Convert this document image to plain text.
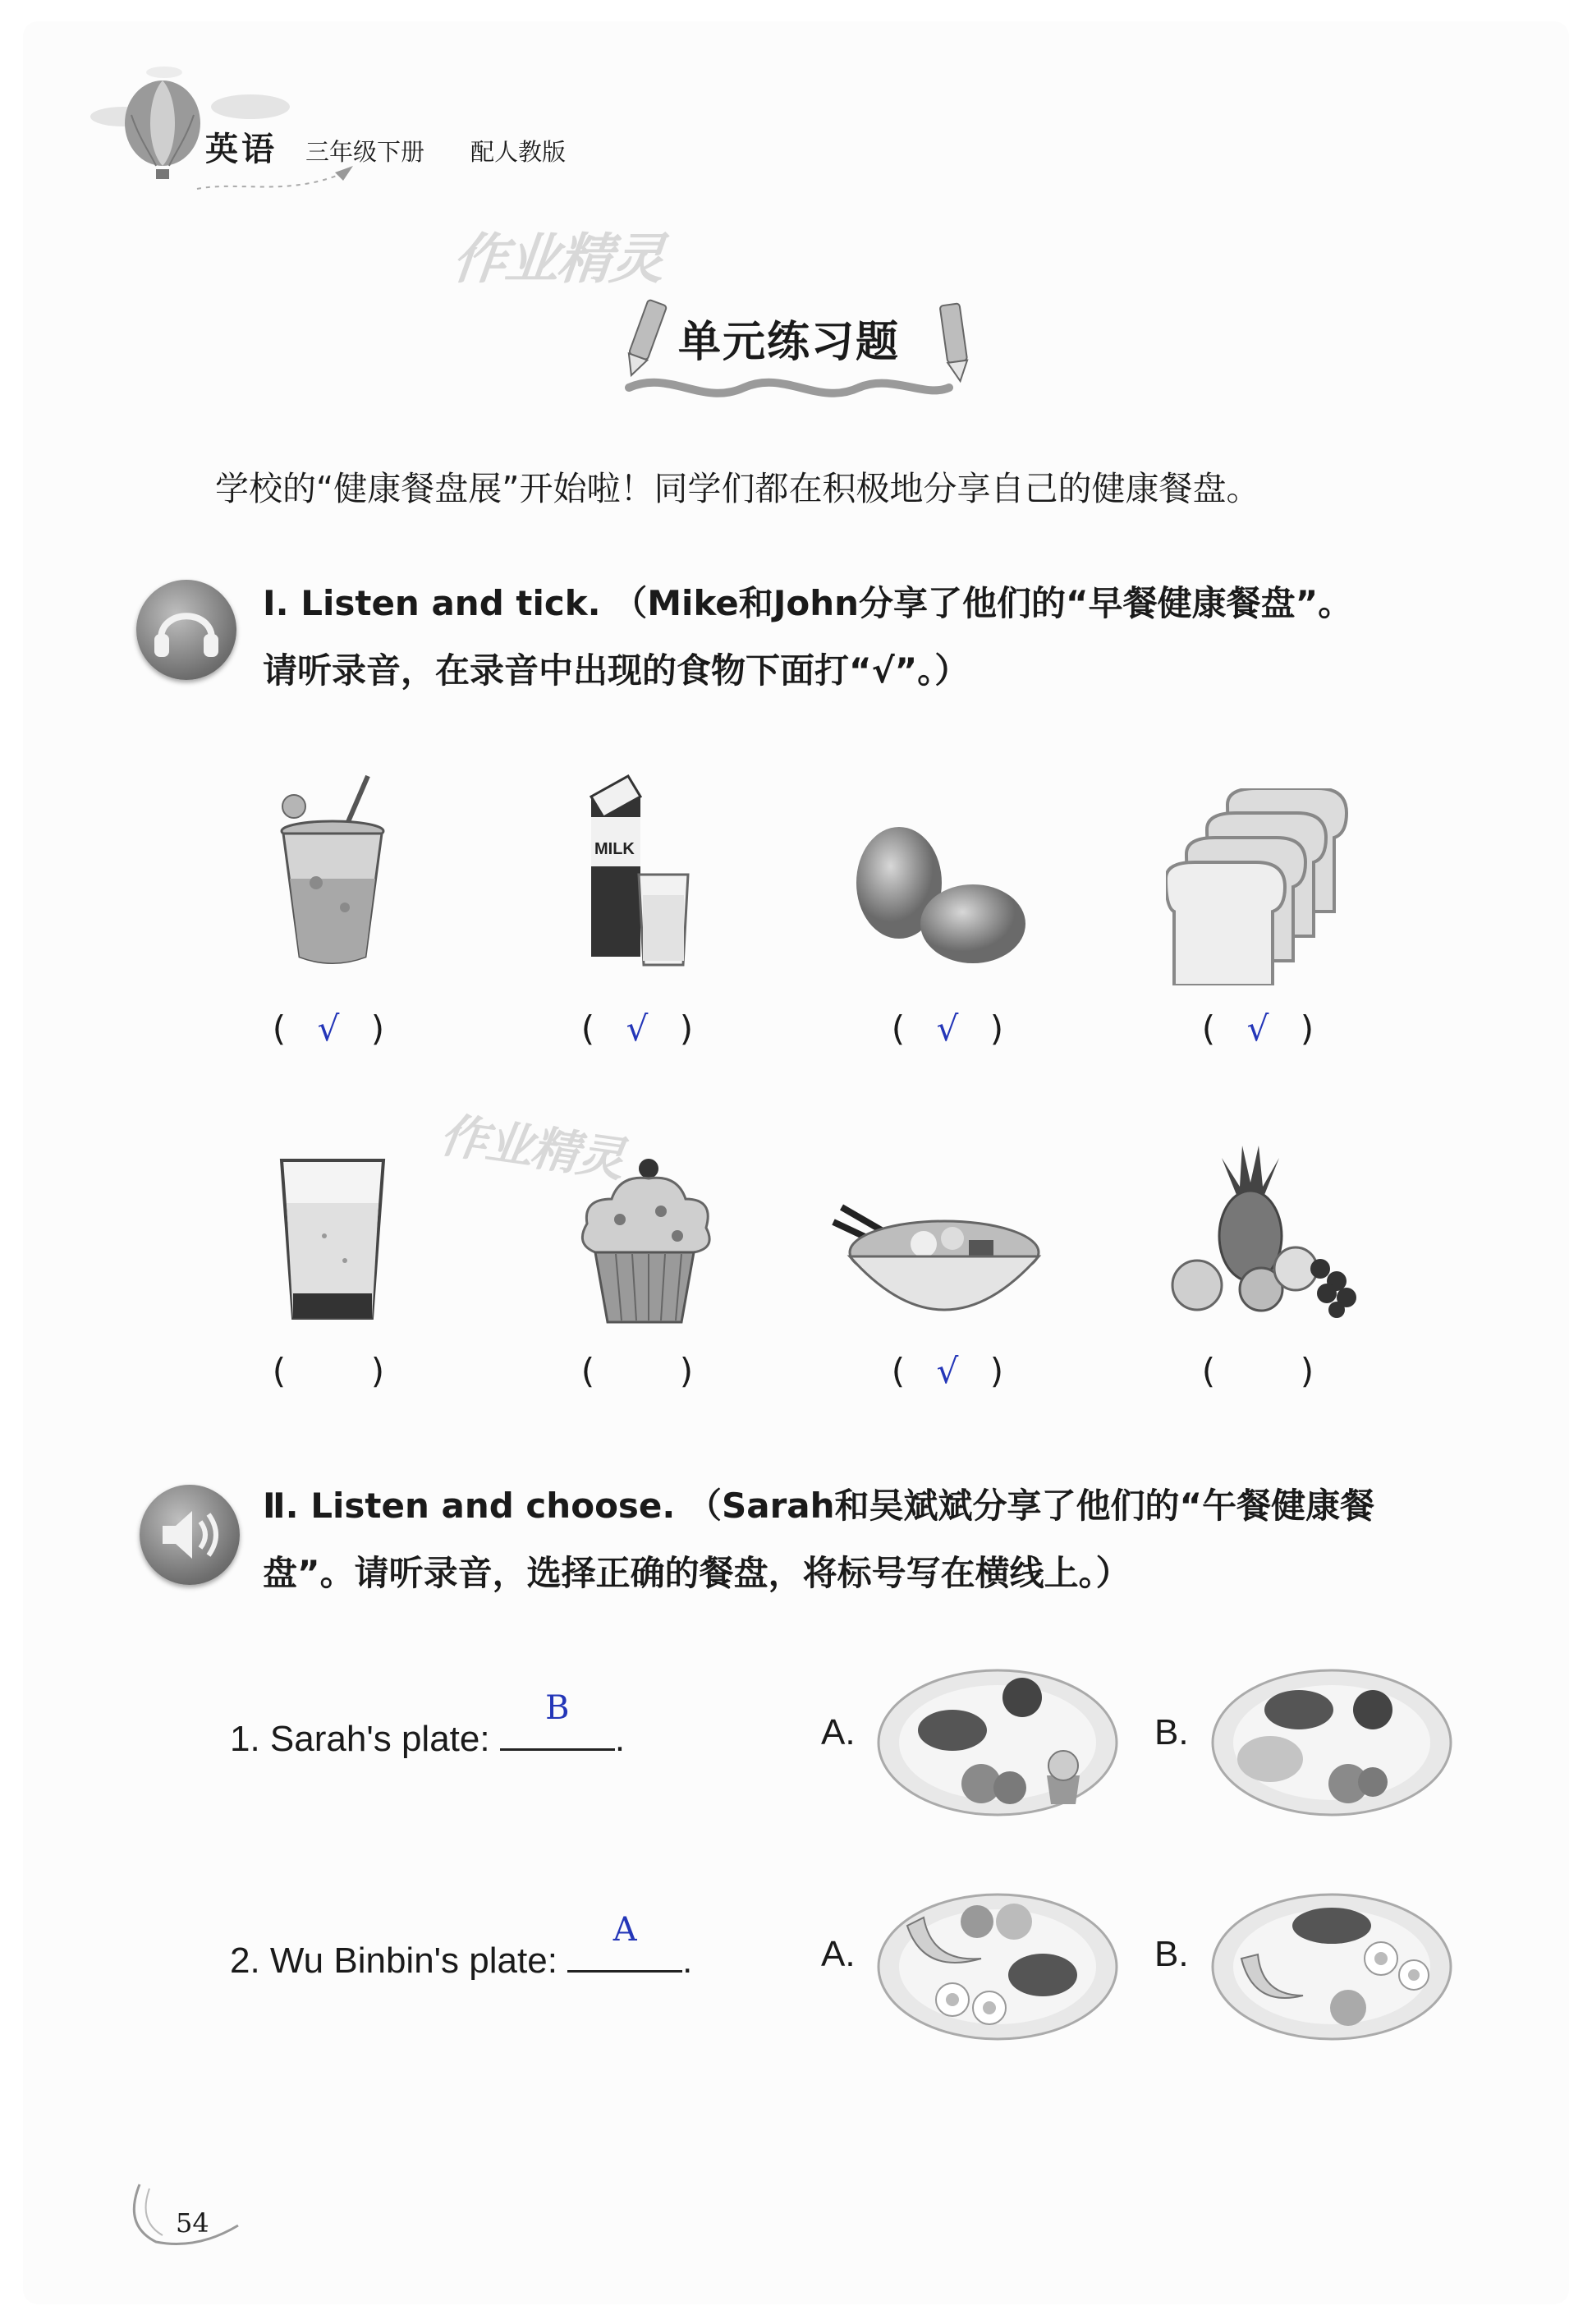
英语 三年级下册 配人教版
作业精灵
单元练习题
学校的“健康餐盘展”开始啦！同学们都在积极地分享自己的健康餐盘。
Ⅰ. Listen and tick. （Mike和John分享了他们的“早餐健康餐盘”。
请听录音，在录音中出现的食物下面打“√”。）
MILK
( √ )	( √ )	( √ )	( √ )
作业精灵
( )	( )	( √ )	( )
Ⅱ. Listen and choose. （Sarah和吴斌斌分享了他们的“午餐健康餐
盘”。请听录音，选择正确的餐盘，将标号写在横线上。）
1. Sarah's plate:
B
.	A.	B.
2. Wu Binbin's plate:
A
.	A.	B.
54
